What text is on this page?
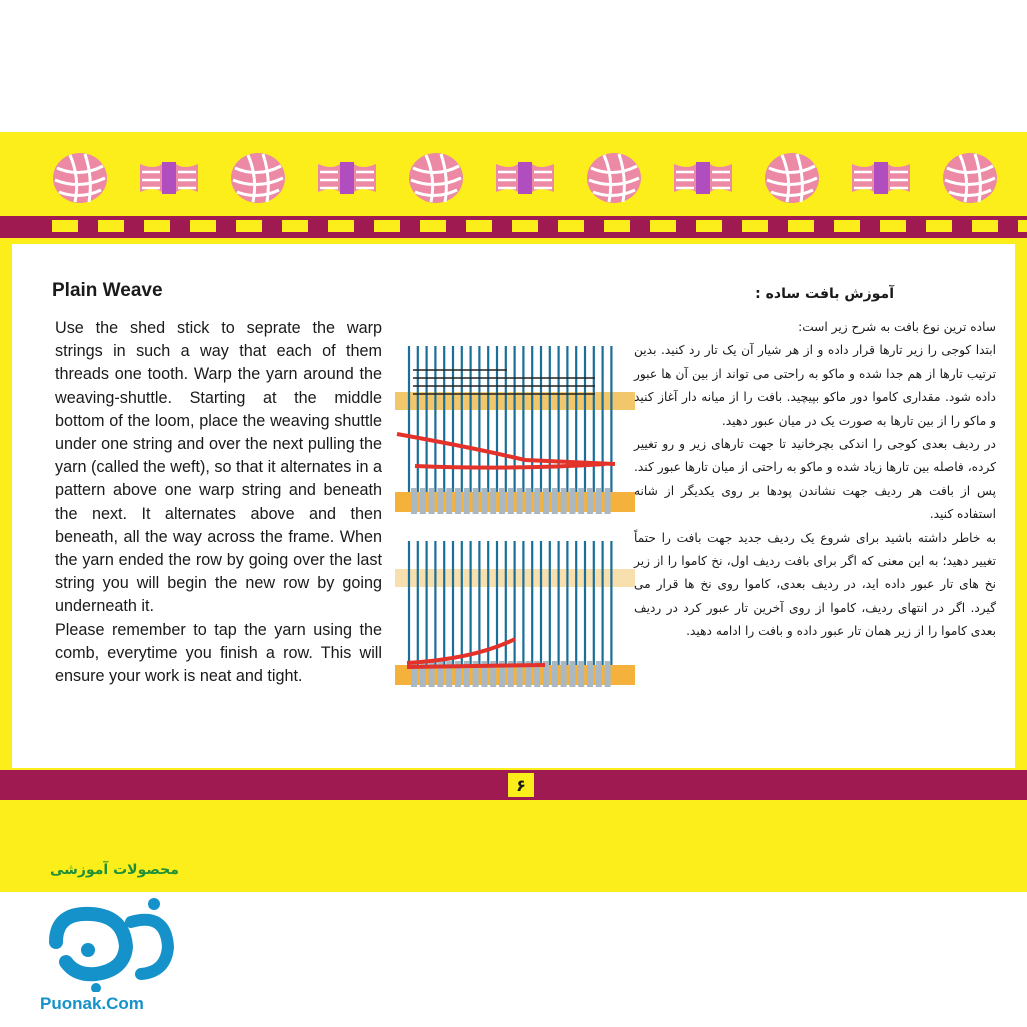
Plain Weave

Use the shed stick to seprate the warp strings in such a way that each of them threads one tooth. Warp the yarn around the weaving-shuttle. Starting at the middle bottom of the loom, place the weaving shuttle under one string and over the next pulling the yarn (called the weft), so that it alternates in a pattern above one warp string and beneath the next. It alternates above and then beneath, all the way across the frame. When the yarn ended the row by going over the last string you will begin the new row by going underneath it.

Please remember to tap the yarn using the comb, everytime you finish a row. This will ensure your work is neat and tight.

آموزش بافت ساده :

ساده ترین نوع بافت به شرح زیر است:

ابتدا کوجی را زیر تارها قرار داده و از هر شیار آن یک تار رد کنید. بدین ترتیب تارها از هم جدا شده و ماکو به راحتی می تواند از بین آن ها عبور داده شود. مقداری کاموا دور ماکو بپیچید. بافت را از میانه دار آغاز کنید و ماکو را از بین تارها به صورت یک در میان عبور دهید.

در ردیف بعدی کوجی را اندکی بچرخانید تا جهت تارهای زیر و رو تغییر کرده، فاصله بین تارها زیاد شده و ماکو به راحتی از میان تارها عبور کند. پس از بافت هر ردیف جهت نشاندن پودها بر روی یکدیگر از شانه استفاده کنید.

به خاطر داشته باشید برای شروع یک ردیف جدید جهت بافت را حتماً تغییر دهید؛ به این معنی که اگر برای بافت ردیف اول، نخ کاموا را از زیر نخ های تار عبور داده اید، در ردیف بعدی، کاموا روی نخ ها قرار می گیرد. اگر در انتهای ردیف، کاموا از روی آخرین تار عبور کرد در ردیف بعدی کاموا را از زیر همان تار عبور داده و بافت را ادامه دهید.

۶
محصولات آموزشی
Puonak.Com
